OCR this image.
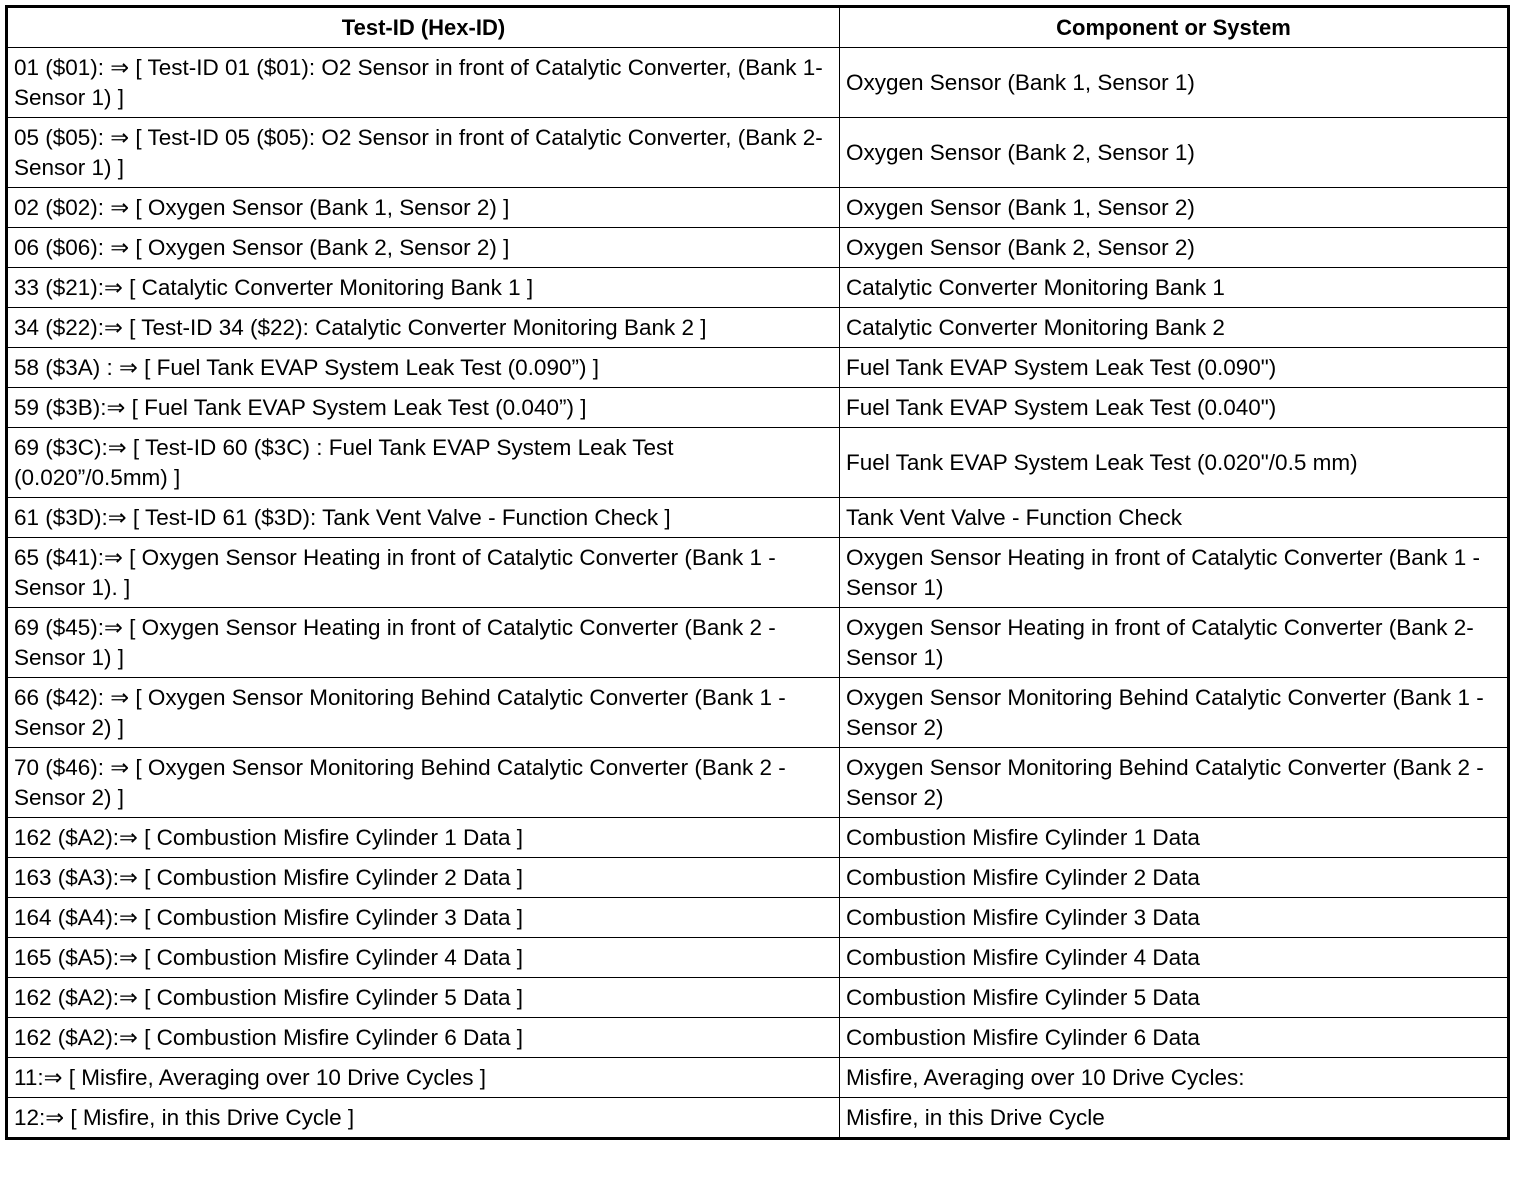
Test-ID (Hex-ID)	Component or System
01 ($01): ⇒ [ Test-ID 01 ($01): O2 Sensor in front of Catalytic Converter, (Bank 1- Sensor 1) ]	Oxygen Sensor (Bank 1, Sensor 1)
05 ($05): ⇒ [ Test-ID 05 ($05): O2 Sensor in front of Catalytic Converter, (Bank 2- Sensor 1) ]	Oxygen Sensor (Bank 2, Sensor 1)
02 ($02): ⇒ [ Oxygen Sensor (Bank 1, Sensor 2) ]	Oxygen Sensor (Bank 1, Sensor 2)
06 ($06): ⇒ [ Oxygen Sensor (Bank 2, Sensor 2) ]	Oxygen Sensor (Bank 2, Sensor 2)
33 ($21):⇒ [ Catalytic Converter Monitoring Bank 1 ]	Catalytic Converter Monitoring Bank 1
34 ($22):⇒ [ Test-ID 34 ($22): Catalytic Converter Monitoring Bank 2 ]	Catalytic Converter Monitoring Bank 2
58 ($3A) : ⇒ [ Fuel Tank EVAP System Leak Test (0.090”) ]	Fuel Tank EVAP System Leak Test (0.090")
59 ($3B):⇒ [ Fuel Tank EVAP System Leak Test (0.040”) ]	Fuel Tank EVAP System Leak Test (0.040")
69 ($3C):⇒ [ Test-ID 60 ($3C) : Fuel Tank EVAP System Leak Test (0.020”/0.5mm) ]	Fuel Tank EVAP System Leak Test (0.020"/0.5 mm)
61 ($3D):⇒ [ Test-ID 61 ($3D): Tank Vent Valve - Function Check ]	Tank Vent Valve - Function Check
65 ($41):⇒ [ Oxygen Sensor Heating in front of Catalytic Converter (Bank 1 - Sensor 1). ]	Oxygen Sensor Heating in front of Catalytic Converter (Bank 1 - Sensor 1)
69 ($45):⇒ [ Oxygen Sensor Heating in front of Catalytic Converter (Bank 2 - Sensor 1) ]	Oxygen Sensor Heating in front of Catalytic Converter (Bank 2- Sensor 1)
66 ($42): ⇒ [ Oxygen Sensor Monitoring Behind Catalytic Converter (Bank 1 - Sensor 2) ]	Oxygen Sensor Monitoring Behind Catalytic Converter (Bank 1 - Sensor 2)
70 ($46): ⇒ [ Oxygen Sensor Monitoring Behind Catalytic Converter (Bank 2 - Sensor 2) ]	Oxygen Sensor Monitoring Behind Catalytic Converter (Bank 2 - Sensor 2)
162 ($A2):⇒ [ Combustion Misfire Cylinder 1 Data ]	Combustion Misfire Cylinder 1 Data
163 ($A3):⇒ [ Combustion Misfire Cylinder 2 Data ]	Combustion Misfire Cylinder 2 Data
164 ($A4):⇒ [ Combustion Misfire Cylinder 3 Data ]	Combustion Misfire Cylinder 3 Data
165 ($A5):⇒ [ Combustion Misfire Cylinder 4 Data ]	Combustion Misfire Cylinder 4 Data
162 ($A2):⇒ [ Combustion Misfire Cylinder 5 Data ]	Combustion Misfire Cylinder 5 Data
162 ($A2):⇒ [ Combustion Misfire Cylinder 6 Data ]	Combustion Misfire Cylinder 6 Data
11:⇒ [ Misfire, Averaging over 10 Drive Cycles ]	Misfire, Averaging over 10 Drive Cycles:
12:⇒ [ Misfire, in this Drive Cycle ]	Misfire, in this Drive Cycle
